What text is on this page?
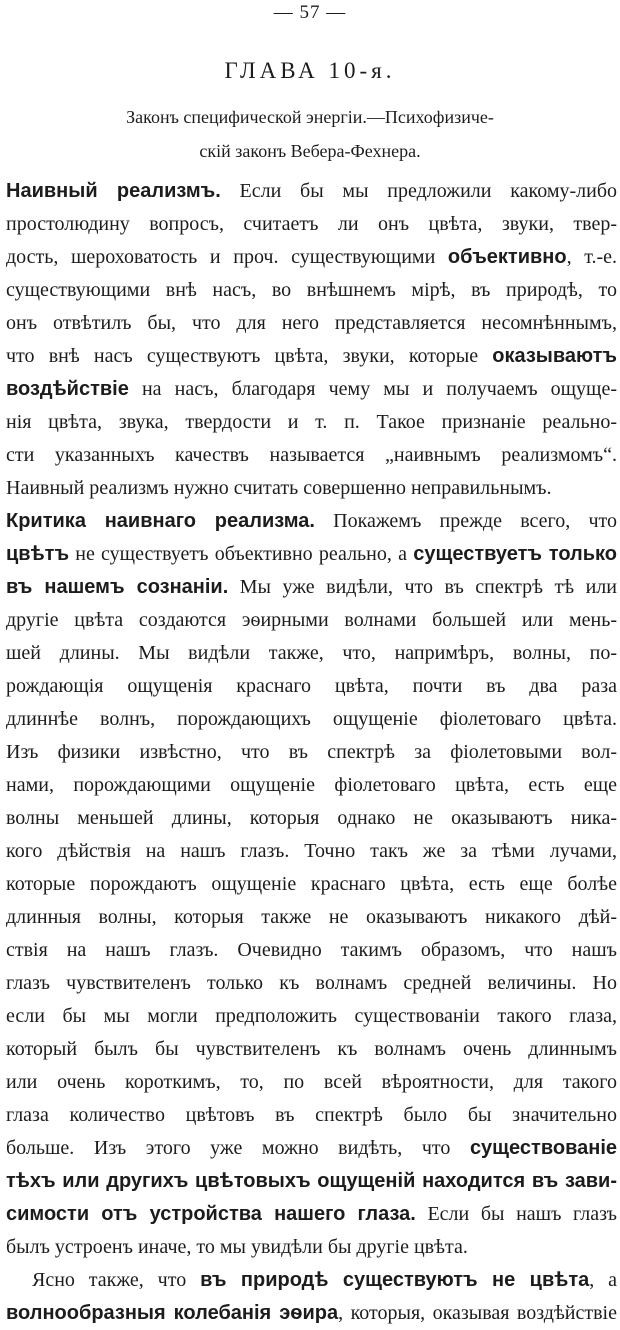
— 57 —
ГЛАВА 10-я.
Законъ специфической энергіи.—Психофизиче-
скій законъ Вебера-Фехнера.
Наивный реализмъ. Если бы мы предложили какому-либо
простолюдину вопросъ, считаетъ ли онъ цвѣта, звуки, твер-
дость, шероховатость и проч. существующими объективно, т.-е.
существующими внѣ насъ, во внѣшнемъ мірѣ, въ природѣ, то
онъ отвѣтилъ бы, что для него представляется несомнѣннымъ,
что внѣ насъ существуютъ цвѣта, звуки, которые оказываютъ
воздѣйствіе на насъ, благодаря чему мы и получаемъ ощуще-
нія цвѣта, звука, твердости и т. п. Такое признаніе реально-
сти указанныхъ качествъ называется „наивнымъ реализмомъ“.
Наивный реализмъ нужно считать совершенно неправильнымъ.
Критика наивнаго реализма. Покажемъ прежде всего, что
цвѣтъ не существуетъ объективно реально, а существуетъ только
въ нашемъ сознаніи. Мы уже видѣли, что въ спектрѣ тѣ или
другіе цвѣта создаются эѳирными волнами большей или мень-
шей длины. Мы видѣли также, что, напримѣръ, волны, по-
рождающія ощущенія краснаго цвѣта, почти въ два раза
длиннѣе волнъ, порождающихъ ощущеніе фіолетоваго цвѣта.
Изъ физики извѣстно, что въ спектрѣ за фіолетовыми вол-
нами, порождающими ощущеніе фіолетоваго цвѣта, есть еще
волны меньшей длины, которыя однако не оказываютъ ника-
кого дѣйствія на нашъ глазъ. Точно такъ же за тѣми лучами,
которые порождаютъ ощущеніе краснаго цвѣта, есть еще болѣе
длинныя волны, которыя также не оказываютъ никакого дѣй-
ствія на нашъ глазъ. Очевидно такимъ образомъ, что нашъ
глазъ чувствителенъ только къ волнамъ средней величины. Но
если бы мы могли предположить существованіи такого глаза,
который былъ бы чувствителенъ къ волнамъ очень длиннымъ
или очень короткимъ, то, по всей вѣроятности, для такого
глаза количество цвѣтовъ въ спектрѣ было бы значительно
больше. Изъ этого уже можно видѣть, что существованіе
тѣхъ или другихъ цвѣтовыхъ ощущеній находится въ зави-
симости отъ устройства нашего глаза. Если бы нашъ глазъ
былъ устроенъ иначе, то мы увидѣли бы другіе цвѣта.
Ясно также, что въ природѣ существуютъ не цвѣта, а
волнообразныя колебанія эѳира, которыя, оказывая воздѣйствіе
